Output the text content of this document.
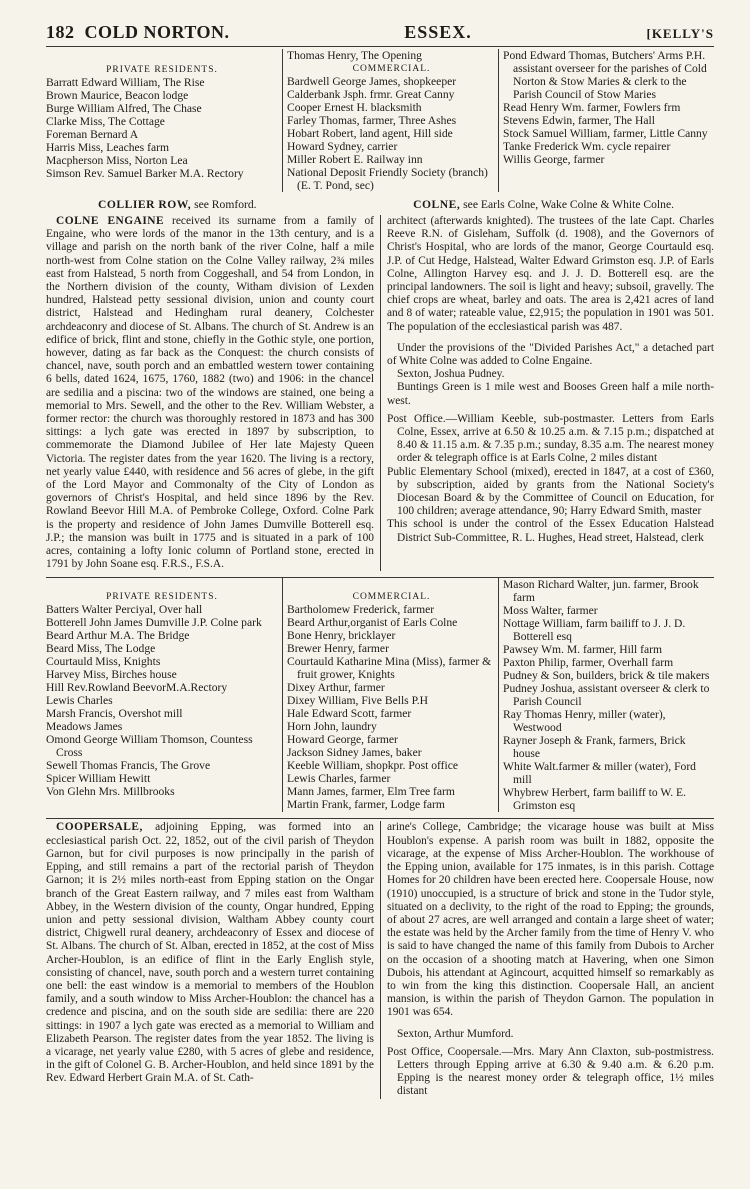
182 COLD NORTON.	ESSEX.	[KELLY'S
PRIVATE RESIDENTS.
Barratt Edward William, The Rise
Brown Maurice, Beacon lodge
Burge William Alfred, The Chase
Clarke Miss, The Cottage
Foreman Bernard A
Harris Miss, Leaches farm
Macpherson Miss, Norton Lea
Simson Rev. Samuel Barker M.A. Rectory
Thomas Henry, The Opening
COMMERCIAL.
Bardwell George James, shopkeeper
Calderbank Jsph. frmr. Great Canny
Cooper Ernest H. blacksmith
Farley Thomas, farmer, Three Ashes
Hobart Robert, land agent, Hill side
Howard Sydney, carrier
Miller Robert E. Railway inn
National Deposit Friendly Society (branch) (E. T. Pond, sec)
Pond Edward Thomas, Butchers' Arms P.H. assistant overseer for the parishes of Cold Norton & Stow Maries & clerk to the Parish Council of Stow Maries
Read Henry Wm. farmer, Fowlers frm
Stevens Edwin, farmer, The Hall
Stock Samuel William, farmer, Little Canny
Tanke Frederick Wm. cycle repairer
Willis George, farmer
COLLIER ROW, see Romford.	COLNE, see Earls Colne, Wake Colne & White Colne.

COLNE ENGAINE received its surname from a family of Engaine, who were lords of the manor in the 13th century, and is a village and parish on the north bank of the river Colne, half a mile north-west from Colne station on the Colne Valley railway, 2¾ miles east from Halstead, 5 north from Coggeshall, and 54 from London, in the Northern division of the county, Witham division of Lexden hundred, Halstead petty sessional division, union and county court district, Halstead and Hedingham rural deanery, Colchester archdeaconry and diocese of St. Albans. The church of St. Andrew is an edifice of brick, flint and stone, chiefly in the Gothic style, one portion, however, dating as far back as the Conquest: the church consists of chancel, nave, south porch and an embattled western tower containing 6 bells, dated 1624, 1675, 1760, 1882 (two) and 1906: in the chancel are sedilia and a piscina: two of the windows are stained, one being a memorial to Mrs. Sewell, and the other to the Rev. William Webster, a former rector: the church was thoroughly restored in 1873 and has 300 sittings: a lych gate was erected in 1897 by subscription, to commemorate the Diamond Jubilee of Her late Majesty Queen Victoria. The register dates from the year 1620. The living is a rectory, net yearly value £440, with residence and 56 acres of glebe, in the gift of the Lord Mayor and Commonalty of the City of London as governors of Christ's Hospital, and held since 1896 by the Rev. Rowland Beevor Hill M.A. of Pembroke College, Oxford. Colne Park is the property and residence of John James Dumville Botterell esq. J.P.; the mansion was built in 1775 and is situated in a park of 100 acres, containing a lofty Ionic column of Portland stone, erected in 1791 by John Soane esq. F.R.S., F.S.A.

architect (afterwards knighted). The trustees of the late Capt. Charles Reeve R.N. of Gisleham, Suffolk (d. 1908), and the Governors of Christ's Hospital, who are lords of the manor, George Courtauld esq. J.P. of Cut Hedge, Halstead, Walter Edward Grimston esq. J.P. of Earls Colne, Allington Harvey esq. and J. J. D. Botterell esq. are the principal landowners. The soil is light and heavy; subsoil, gravelly. The chief crops are wheat, barley and oats. The area is 2,421 acres of land and 8 of water; rateable value, £2,915; the population in 1901 was 501. The population of the ecclesiastical parish was 487.

Under the provisions of the "Divided Parishes Act," a detached part of White Colne was added to Colne Engaine.

Sexton, Joshua Pudney.

Buntings Green is 1 mile west and Booses Green half a mile north-west.

Post Office.—William Keeble, sub-postmaster. Letters from Earls Colne, Essex, arrive at 6.50 & 10.25 a.m. & 7.15 p.m.; dispatched at 8.40 & 11.15 a.m. & 7.35 p.m.; sunday, 8.35 a.m. The nearest money order & telegraph office is at Earls Colne, 2 miles distant

Public Elementary School (mixed), erected in 1847, at a cost of £360, by subscription, aided by grants from the National Society's Diocesan Board & by the Committee of Council on Education, for 100 children; average attendance, 90; Harry Edward Smith, master

This school is under the control of the Essex Education Halstead District Sub-Committee, R. L. Hughes, Head street, Halstead, clerk

PRIVATE RESIDENTS.
Batters Walter Perciyal, Over hall
Botterell John James Dumville J.P. Colne park
Beard Arthur M.A. The Bridge
Beard Miss, The Lodge
Courtauld Miss, Knights
Harvey Miss, Birches house
Hill Rev.Rowland BeevorM.A.Rectory
Lewis Charles
Marsh Francis, Overshot mill
Meadows James
Omond George William Thomson, Countess Cross
Sewell Thomas Francis, The Grove
Spicer William Hewitt
Von Glehn Mrs. Millbrooks
COMMERCIAL.
Bartholomew Frederick, farmer
Beard Arthur,organist of Earls Colne
Bone Henry, bricklayer
Brewer Henry, farmer
Courtauld Katharine Mina (Miss), farmer & fruit grower, Knights
Dixey Arthur, farmer
Dixey William, Five Bells P.H
Hale Edward Scott, farmer
Horn John, laundry
Howard George, farmer
Jackson Sidney James, baker
Keeble William, shopkpr. Post office
Lewis Charles, farmer
Mann James, farmer, Elm Tree farm
Martin Frank, farmer, Lodge farm
Mason Richard Walter, jun. farmer, Brook farm
Moss Walter, farmer
Nottage William, farm bailiff to J. J. D. Botterell esq
Pawsey Wm. M. farmer, Hill farm
Paxton Philip, farmer, Overhall farm
Pudney & Son, builders, brick & tile makers
Pudney Joshua, assistant overseer & clerk to Parish Council
Ray Thomas Henry, miller (water), Westwood
Rayner Joseph & Frank, farmers, Brick house
White Walt.farmer & miller (water), Ford mill
Whybrew Herbert, farm bailiff to W. E. Grimston esq

COOPERSALE, adjoining Epping, was formed into an ecclesiastical parish Oct. 22, 1852, out of the civil parish of Theydon Garnon, but for civil purposes is now principally in the parish of Epping, and still remains a part of the rectorial parish of Theydon Garnon; it is 2½ miles north-east from Epping station on the Ongar branch of the Great Eastern railway, and 7 miles east from Waltham Abbey, in the Western division of the county, Ongar hundred, Epping union and petty sessional division, Waltham Abbey county court district, Chigwell rural deanery, archdeaconry of Essex and diocese of St. Albans. The church of St. Alban, erected in 1852, at the cost of Miss Archer-Houblon, is an edifice of flint in the Early English style, consisting of chancel, nave, south porch and a western turret containing one bell: the east window is a memorial to members of the Houblon family, and a south window to Miss Archer-Houblon: the chancel has a credence and piscina, and on the south side are sedilia: there are 220 sittings: in 1907 a lych gate was erected as a memorial to William and Elizabeth Pearson. The register dates from the year 1852. The living is a vicarage, net yearly value £280, with 5 acres of glebe and residence, in the gift of Colonel G. B. Archer-Houblon, and held since 1891 by the Rev. Edward Herbert Grain M.A. of St. Cath-

arine's College, Cambridge; the vicarage house was built at Miss Houblon's expense. A parish room was built in 1882, opposite the vicarage, at the expense of Miss Archer-Houblon. The workhouse of the Epping union, available for 175 inmates, is in this parish. Cottage Homes for 20 children have been erected here. Coopersale House, now (1910) unoccupied, is a structure of brick and stone in the Tudor style, situated on a declivity, to the right of the road to Epping; the grounds, of about 27 acres, are well arranged and contain a large sheet of water; the estate was held by the Archer family from the time of Henry V. who is said to have changed the name of this family from Dubois to Archer on the occasion of a shooting match at Havering, when one Simon Dubois, his attendant at Agincourt, acquitted himself so remarkably as to win from the king this distinction. Coopersale Hall, an ancient mansion, is within the parish of Theydon Garnon. The population in 1901 was 654.

Sexton, Arthur Mumford.

Post Office, Coopersale.—Mrs. Mary Ann Claxton, sub-postmistress. Letters through Epping arrive at 6.30 & 9.40 a.m. & 6.20 p.m. Epping is the nearest money order & telegraph office, 1½ miles distant
